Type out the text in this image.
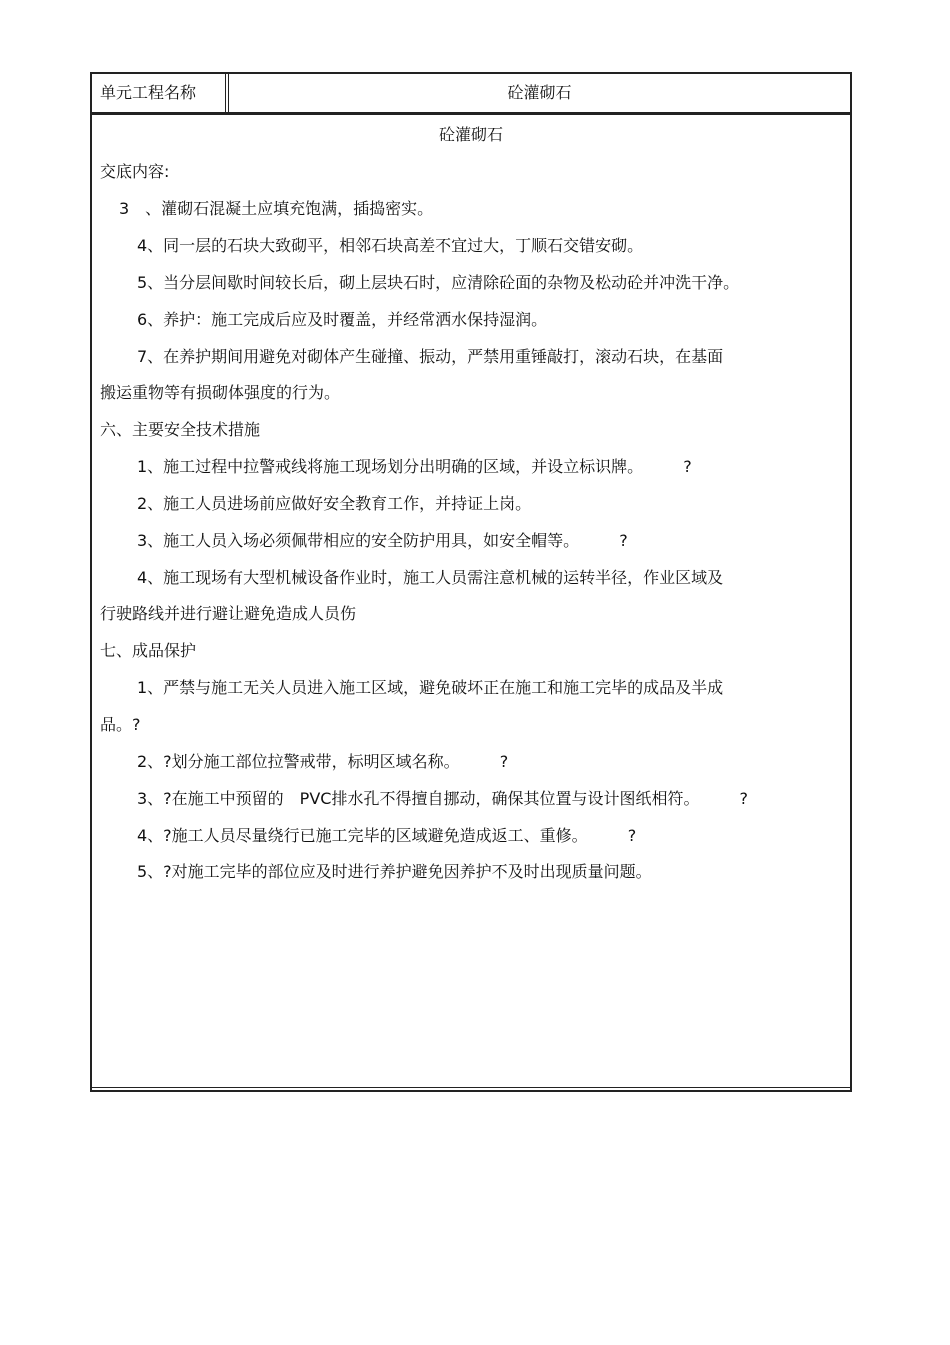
单元工程名称	砼灌砌石
砼灌砌石
交底内容:
3　、灌砌石混凝土应填充饱满，插捣密实。
4、同一层的石块大致砌平，相邻石块高差不宜过大，丁顺石交错安砌。
5、当分层间歇时间较长后，砌上层块石时，应清除砼面的杂物及松动砼并冲洗干净。
6、养护：施工完成后应及时覆盖，并经常洒水保持湿润。
7、在养护期间用避免对砌体产生碰撞、振动，严禁用重锤敲打，滚动石块，在基面
搬运重物等有损砌体强度的行为。
六、主要安全技术措施
1、施工过程中拉警戒线将施工现场划分出明确的区域，并设立标识牌。	?
2、施工人员进场前应做好安全教育工作，并持证上岗。
3、施工人员入场必须佩带相应的安全防护用具，如安全帽等。	?
4、施工现场有大型机械设备作业时，施工人员需注意机械的运转半径，作业区域及
行驶路线并进行避让避免造成人员伤
七、成品保护
1、严禁与施工无关人员进入施工区域，避免破坏正在施工和施工完毕的成品及半成
品。?
2、?划分施工部位拉警戒带，标明区域名称。	?
3、?在施工中预留的　PVC排水孔不得擅自挪动，确保其位置与设计图纸相符。	?
4、?施工人员尽量绕行已施工完毕的区域避免造成返工、重修。	?
5、?对施工完毕的部位应及时进行养护避免因养护不及时出现质量问题。
